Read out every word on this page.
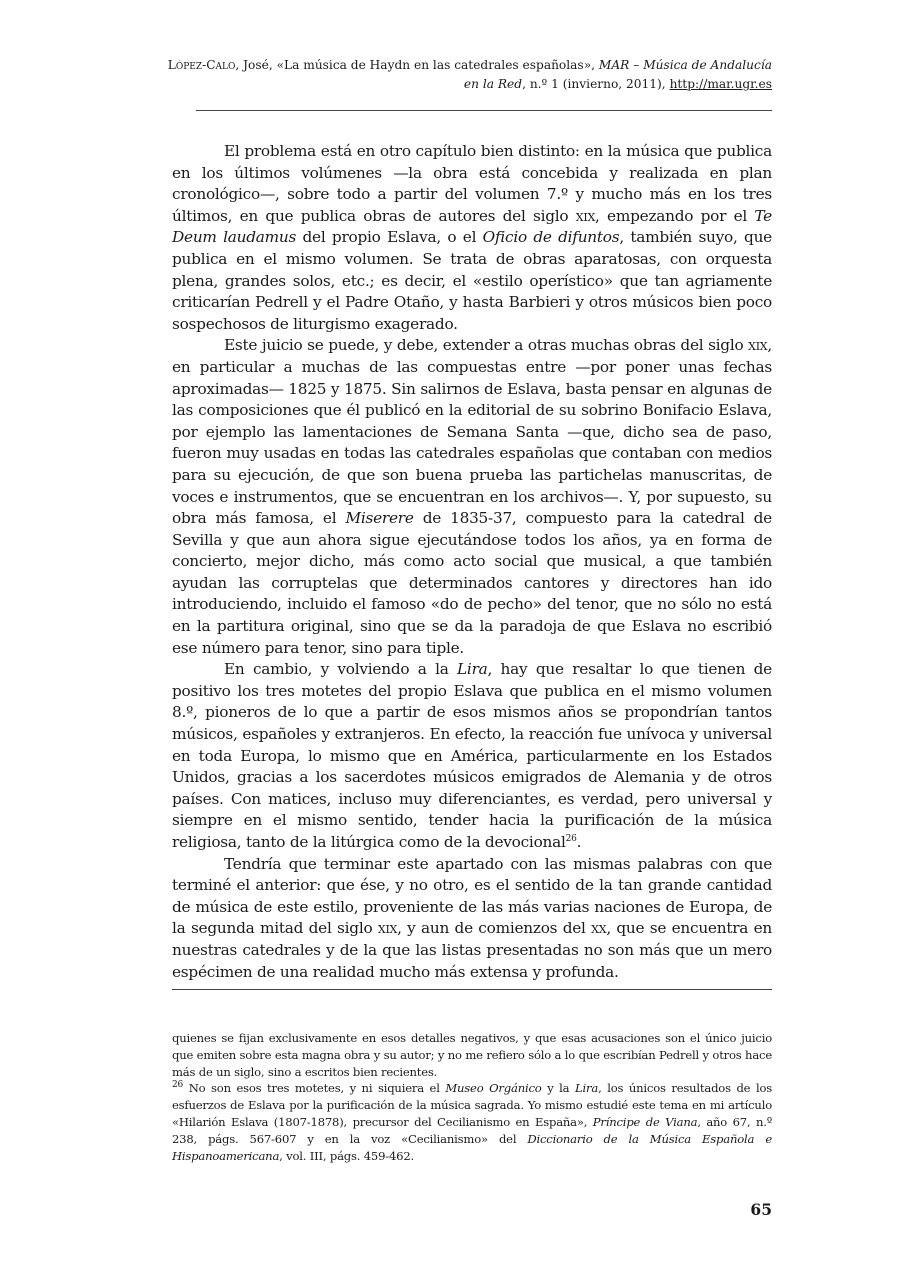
López-Calo, José, «La música de Haydn en las catedrales españolas», MAR – Música de Andalucía
en la Red, n.º 1 (invierno, 2011), http://mar.ugr.es

El problema está en otro capítulo bien distinto: en la música que publica en los últimos volúmenes —la obra está concebida y realizada en plan cronológico—, sobre todo a partir del volumen 7.º y mucho más en los tres últimos, en que publica obras de autores del siglo xix, empezando por el Te Deum laudamus del propio Eslava, o el Oficio de difuntos, también suyo, que publica en el mismo volumen. Se trata de obras aparatosas, con orquesta plena, grandes solos, etc.; es decir, el «estilo operístico» que tan agriamente criticarían Pedrell y el Padre Otaño, y hasta Barbieri y otros músicos bien poco sospechosos de liturgismo exagerado.

Este juicio se puede, y debe, extender a otras muchas obras del siglo xix, en particular a muchas de las compuestas entre —por poner unas fechas aproximadas— 1825 y 1875. Sin salirnos de Eslava, basta pensar en algunas de las composiciones que él publicó en la editorial de su sobrino Bonifacio Eslava, por ejemplo las lamentaciones de Semana Santa —que, dicho sea de paso, fueron muy usadas en todas las catedrales españolas que contaban con medios para su ejecución, de que son buena prueba las partichelas manuscritas, de voces e instrumentos, que se encuentran en los archivos—. Y, por supuesto, su obra más famosa, el Miserere de 1835-37, compuesto para la catedral de Sevilla y que aun ahora sigue ejecutándose todos los años, ya en forma de concierto, mejor dicho, más como acto social que musical, a que también ayudan las corruptelas que determinados cantores y directores han ido introduciendo, incluido el famoso «do de pecho» del tenor, que no sólo no está en la partitura original, sino que se da la paradoja de que Eslava no escribió ese número para tenor, sino para tiple.

En cambio, y volviendo a la Lira, hay que resaltar lo que tienen de positivo los tres motetes del propio Eslava que publica en el mismo volumen 8.º, pioneros de lo que a partir de esos mismos años se propondrían tantos músicos, españoles y extranjeros. En efecto, la reacción fue unívoca y universal en toda Europa, lo mismo que en América, particularmente en los Estados Unidos, gracias a los sacerdotes músicos emigrados de Alemania y de otros países. Con matices, incluso muy diferenciantes, es verdad, pero universal y siempre en el mismo sentido, tender hacia la purificación de la música religiosa, tanto de la litúrgica como de la devocional$^{26}$.

Tendría que terminar este apartado con las mismas palabras con que terminé el anterior: que ése, y no otro, es el sentido de la tan grande cantidad de música de este estilo, proveniente de las más varias naciones de Europa, de la segunda mitad del siglo xix, y aun de comienzos del xx, que se encuentra en nuestras catedrales y de la que las listas presentadas no son más que un mero espécimen de una realidad mucho más extensa y profunda.

quienes se fijan exclusivamente en esos detalles negativos, y que esas acusaciones son el único juicio que emiten sobre esta magna obra y su autor; y no me refiero sólo a lo que escribían Pedrell y otros hace más de un siglo, sino a escritos bien recientes.

$^{26}$ No son esos tres motetes, y ni siquiera el Museo Orgánico y la Lira, los únicos resultados de los esfuerzos de Eslava por la purificación de la música sagrada. Yo mismo estudié este tema en mi artículo «Hilarión Eslava (1807-1878), precursor del Cecilianismo en España», Príncipe de Viana, año 67, n.º 238, págs. 567-607 y en la voz «Cecilianismo» del Diccionario de la Música Española e Hispanoamericana, vol. III, págs. 459-462.

65
